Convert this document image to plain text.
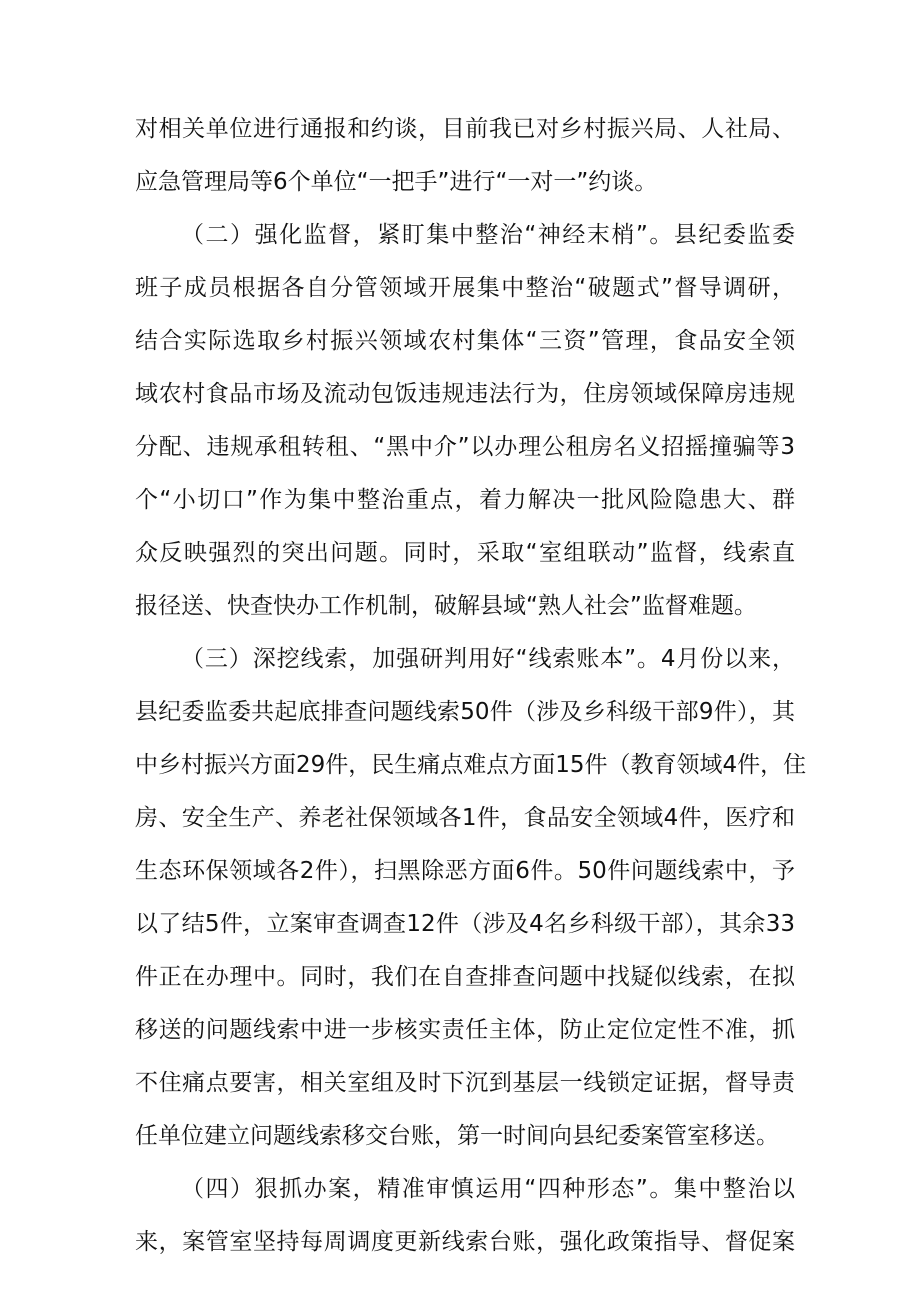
对相关单位进行通报和约谈，目前我已对乡村振兴局、人社局、
应急管理局等6个单位“一把手”进行“一对一”约谈。
（二）强化监督，紧盯集中整治“神经末梢”。县纪委监委
班子成员根据各自分管领域开展集中整治“破题式”督导调研，
结合实际选取乡村振兴领域农村集体“三资”管理，食品安全领
域农村食品市场及流动包饭违规违法行为，住房领域保障房违规
分配、违规承租转租、“黑中介”以办理公租房名义招摇撞骗等3
个“小切口”作为集中整治重点，着力解决一批风险隐患大、群
众反映强烈的突出问题。同时，采取“室组联动”监督，线索直
报径送、快查快办工作机制，破解县域“熟人社会”监督难题。
（三）深挖线索，加强研判用好“线索账本”。4月份以来，
县纪委监委共起底排查问题线索50件（涉及乡科级干部9件），其
中乡村振兴方面29件，民生痛点难点方面15件（教育领域4件，住
房、安全生产、养老社保领域各1件，食品安全领域4件，医疗和
生态环保领域各2件），扫黑除恶方面6件。50件问题线索中，予
以了结5件，立案审查调查12件（涉及4名乡科级干部），其余33
件正在办理中。同时，我们在自查排查问题中找疑似线索，在拟
移送的问题线索中进一步核实责任主体，防止定位定性不准，抓
不住痛点要害，相关室组及时下沉到基层一线锁定证据，督导责
任单位建立问题线索移交台账，第一时间向县纪委案管室移送。
（四）狠抓办案，精准审慎运用“四种形态”。集中整治以
来，案管室坚持每周调度更新线索台账，强化政策指导、督促案
